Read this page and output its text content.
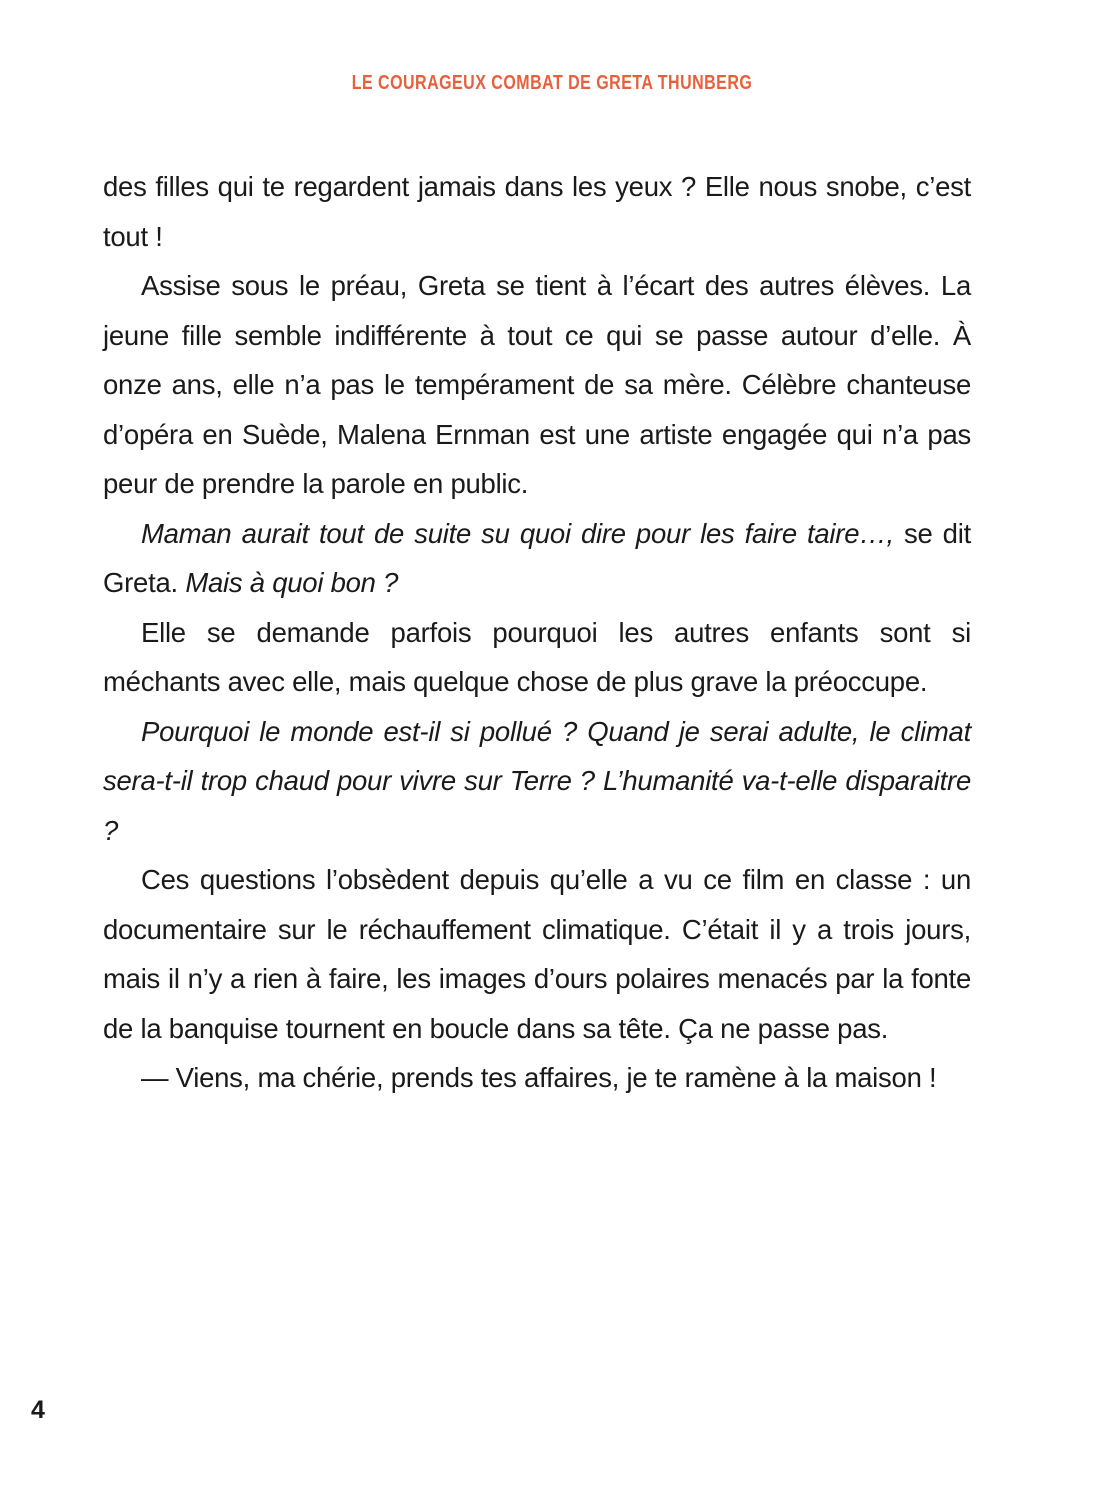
LE COURAGEUX COMBAT DE GRETA THUNBERG

des filles qui te regardent jamais dans les yeux ? Elle nous snobe, c’est tout !

Assise sous le préau, Greta se tient à l’écart des autres élèves. La jeune fille semble indifférente à tout ce qui se passe autour d’elle. À onze ans, elle n’a pas le tempérament de sa mère. Célèbre chanteuse d’opéra en Suède, Malena Ernman est une artiste engagée qui n’a pas peur de prendre la parole en public.

Maman aurait tout de suite su quoi dire pour les faire taire…, se dit Greta. Mais à quoi bon ?

Elle se demande parfois pourquoi les autres enfants sont si méchants avec elle, mais quelque chose de plus grave la préoccupe.

Pourquoi le monde est-il si pollué ? Quand je serai adulte, le climat sera-t-il trop chaud pour vivre sur Terre ? L’humanité va-t-elle disparaitre ?

Ces questions l’obsèdent depuis qu’elle a vu ce film en classe : un documentaire sur le réchauffement climatique. C’était il y a trois jours, mais il n’y a rien à faire, les images d’ours polaires menacés par la fonte de la banquise tournent en boucle dans sa tête. Ça ne passe pas.

— Viens, ma chérie, prends tes affaires, je te ramène à la maison !

4
